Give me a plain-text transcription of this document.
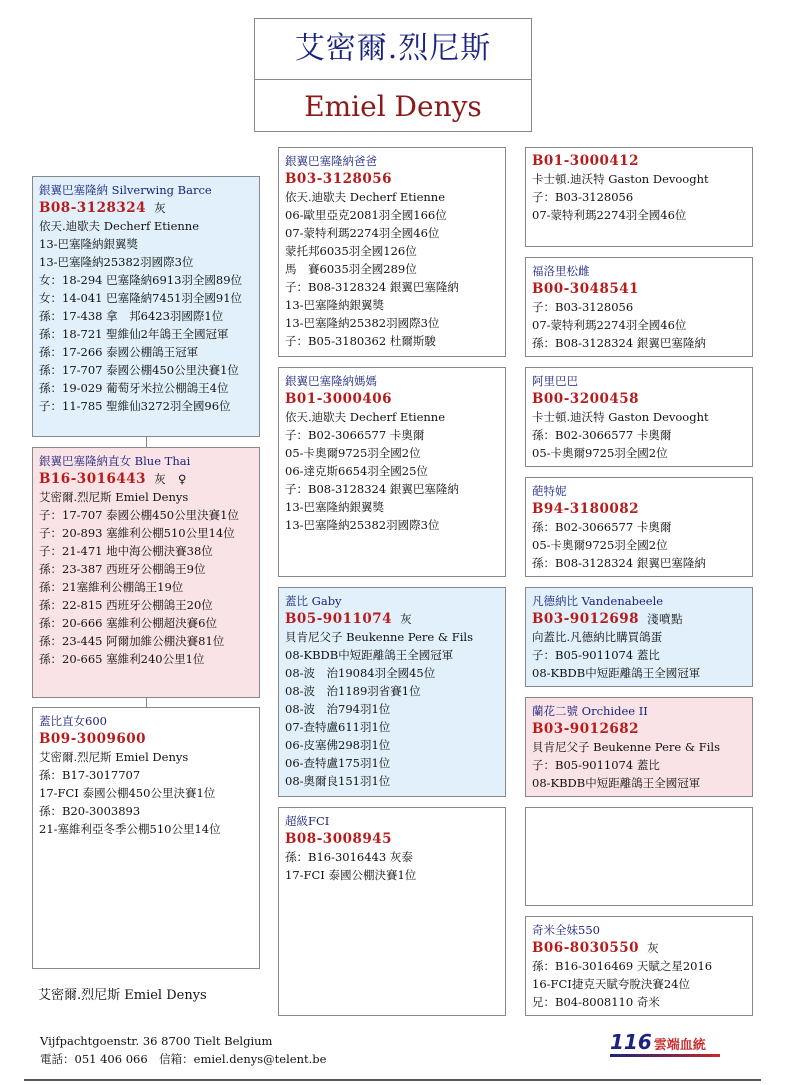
艾密爾.烈尼斯
Emiel Denys
銀翼巴塞隆納 Silverwing Barce
B08-3128324 灰
依天.迪歇夫 Decherf Etienne
13-巴塞隆納銀翼獎
13-巴塞隆納25382羽國際3位
女：18-294 巴塞隆納6913羽全國89位
女：14-041 巴塞隆納7451羽全國91位
孫：17-438 拿　邦6423羽國際1位
孫：18-721 聖維仙2年鴿王全國冠軍
孫：17-266 泰國公棚鴿王冠軍
孫：17-707 泰國公棚450公里決賽1位
孫：19-029 葡萄牙米拉公棚鴿王4位
子：11-785 聖維仙3272羽全國96位
銀翼巴塞隆納直女 Blue Thai
B16-3016443 灰　♀
艾密爾.烈尼斯 Emiel Denys
子：17-707 泰國公棚450公里決賽1位
子：20-893 塞維利公棚510公里14位
子：21-471 地中海公棚決賽38位
孫：23-387 西班牙公棚鴿王9位
孫：21塞維利公棚鴿王19位
孫：22-815 西班牙公棚鴿王20位
孫：20-666 塞維利公棚超決賽6位
孫：23-445 阿爾加維公棚決賽81位
孫：20-665 塞維利240公里1位
蓋比直女600
B09-3009600
艾密爾.烈尼斯 Emiel Denys
孫：B17-3017707
17-FCI 泰國公棚450公里決賽1位
孫：B20-3003893
21-塞維利亞冬季公棚510公里14位
銀翼巴塞隆納爸爸
B03-3128056
依天.迪歇夫 Decherf Etienne
06-歐里亞克2081羽全國166位
07-蒙特利瑪2274羽全國46位
蒙托邦6035羽全國126位
馬　賽6035羽全國289位
子：B08-3128324 銀翼巴塞隆納
13-巴塞隆納銀翼獎
13-巴塞隆納25382羽國際3位
子：B05-3180362 杜爾斯駿
銀翼巴塞隆納媽媽
B01-3000406
依天.迪歇夫 Decherf Etienne
子：B02-3066577 卡奧爾
05-卡奧爾9725羽全國2位
06-達克斯6654羽全國25位
子：B08-3128324 銀翼巴塞隆納
13-巴塞隆納銀翼獎
13-巴塞隆納25382羽國際3位
蓋比 Gaby
B05-9011074 灰
貝肯尼父子 Beukenne Pere & Fils
08-KBDB中短距離鴿王全國冠軍
08-波　治19084羽全國45位
08-波　治1189羽省賽1位
08-波　治794羽1位
07-查特盧611羽1位
06-皮塞佛298羽1位
06-查特盧175羽1位
08-奧爾良151羽1位
超級FCI
B08-3008945
孫：B16-3016443 灰泰
17-FCI 泰國公棚決賽1位
B01-3000412
卡士頓.迪沃特 Gaston Devooght
子：B03-3128056
07-蒙特利瑪2274羽全國46位
福洛里松雌
B00-3048541
子：B03-3128056
07-蒙特利瑪2274羽全國46位
孫：B08-3128324 銀翼巴塞隆納
阿里巴巴
B00-3200458
卡士頓.迪沃特 Gaston Devooght
孫：B02-3066577 卡奧爾
05-卡奧爾9725羽全國2位
葩特妮
B94-3180082
孫：B02-3066577 卡奧爾
05-卡奧爾9725羽全國2位
孫：B08-3128324 銀翼巴塞隆納
凡德納比 Vandenabeele
B03-9012698 淺噴點
向蓋比.凡德納比購買鴿蛋
子：B05-9011074 蓋比
08-KBDB中短距離鴿王全國冠軍
蘭花二號 Orchidee II
B03-9012682
貝肯尼父子 Beukenne Pere & Fils
子：B05-9011074 蓋比
08-KBDB中短距離鴿王全國冠軍
奇米全妹550
B06-8030550 灰
孫：B16-3016469 天賦之星2016
16-FCI捷克天賦夸脫決賽24位
兄：B04-8008110 奇米
艾密爾.烈尼斯 Emiel Denys
Vijfpachtgoenstr. 36 8700 Tielt Belgium
電話：051 406 066　信箱：emiel.denys@telent.be
116 雲端血統
